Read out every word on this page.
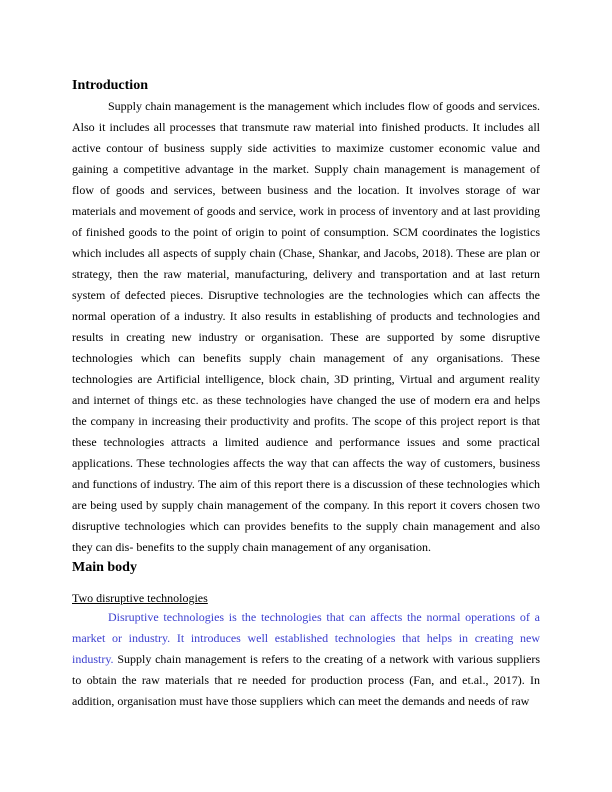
Introduction

Supply chain management is the management which includes flow of goods and services. Also it includes all processes that transmute raw material into finished products. It includes all active contour of business supply side activities to maximize customer economic value and gaining a competitive advantage in the market. Supply chain management is management of flow of goods and services, between business and the location. It involves storage of war materials and movement of goods and service, work in process of inventory and at last providing of finished goods to the point of origin to point of consumption. SCM coordinates the logistics which includes all aspects of supply chain (Chase, Shankar, and Jacobs, 2018). These are plan or strategy, then the raw material, manufacturing, delivery and transportation and at last return system of defected pieces. Disruptive technologies are the technologies which can affects the normal operation of a industry. It also results in establishing of products and technologies and results in creating new industry or organisation. These are supported by some disruptive technologies which can benefits supply chain management of any organisations. These technologies are Artificial intelligence, block chain, 3D printing, Virtual and argument reality and internet of things etc. as these technologies have changed the use of modern era and helps the company in increasing their productivity and profits. The scope of this project report is that these technologies attracts a limited audience and performance issues and some practical applications. These technologies affects the way that can affects the way of customers, business and functions of industry. The aim of this report there is a discussion of these technologies which are being used by supply chain management of the company. In this report it covers chosen two disruptive technologies which can provides benefits to the supply chain management and also they can dis- benefits to the supply chain management of any organisation.

Main body
Two disruptive technologies

Disruptive technologies is the technologies that can affects the normal operations of a market or industry. It introduces well established technologies that helps in creating new industry. Supply chain management is refers to the creating of a network with various suppliers to obtain the raw materials that re needed for production process (Fan, and et.al., 2017). In addition, organisation must have those suppliers which can meet the demands and needs of raw
